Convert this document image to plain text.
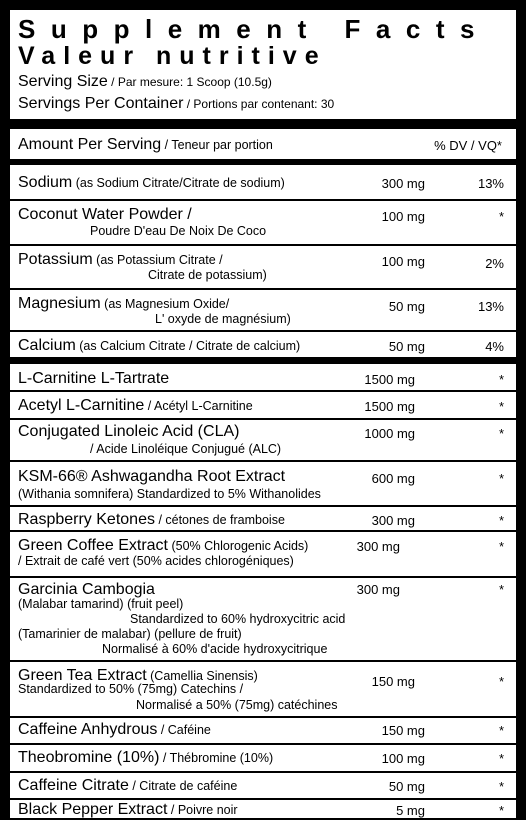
Supplement Facts
Valeur nutritive
Serving Size / Par mesure: 1 Scoop (10.5g)
Servings Per Container / Portions par contenant: 30
Amount Per Serving / Teneur par portion	% DV / VQ*
Sodium (as Sodium Citrate/Citrate de sodium)	300 mg	13%
Coconut Water Powder /
Poudre D'eau De Noix De Coco
100 mg	*
Potassium (as Potassium Citrate /
Citrate de potassium)
100 mg	2%
Magnesium (as Magnesium Oxide/
L' oxyde de magnésium)
50 mg	13%
Calcium (as Calcium Citrate / Citrate de calcium)	50 mg	4%
L-Carnitine L-Tartrate	1500 mg	*
Acetyl L-Carnitine / Acétyl L-Carnitine	1500 mg	*
Conjugated Linoleic Acid (CLA)
/ Acide Linoléique Conjugué (ALC)
1000 mg	*
KSM-66® Ashwagandha Root Extract
(Withania somnifera) Standardized to 5% Withanolides
600 mg	*
Raspberry Ketones / cétones de framboise	300 mg	*
Green Coffee Extract (50% Chlorogenic Acids)
/ Extrait de café vert (50% acides chlorogéniques)
300 mg	*
Garcinia Cambogia
(Malabar tamarind) (fruit peel)
Standardized to 60% hydroxycitric acid
(Tamarinier de malabar) (pellure de fruit)
Normalisé à 60% d'acide hydroxycitrique
300 mg	*
Green Tea Extract (Camellia Sinensis)
Standardized to 50% (75mg) Catechins /
Normalisé a 50% (75mg) catéchines
150 mg	*
Caffeine Anhydrous / Caféine	150 mg	*
Theobromine (10%) / Thébromine (10%)	100 mg	*
Caffeine Citrate / Citrate de caféine	50 mg	*
Black Pepper Extract / Poivre noir	5 mg	*
